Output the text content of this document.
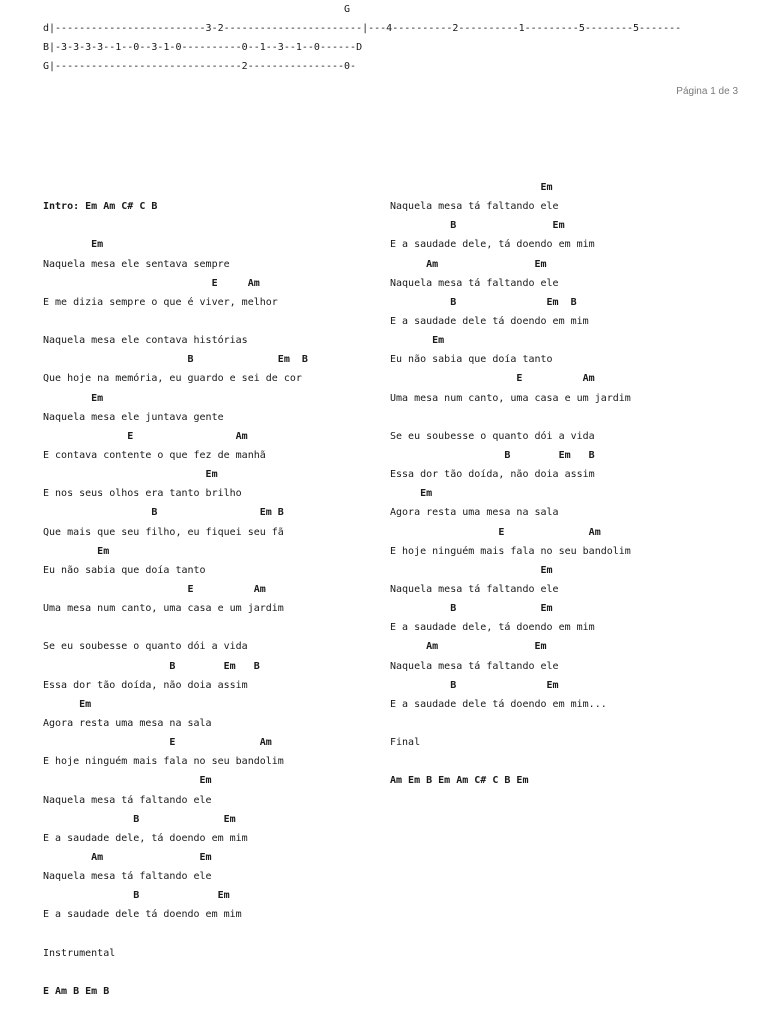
G
d|-------------------------3-2-----------------------|---4----------2----------1---------5--------5-------
B|-3-3-3-3--1--0--3-1-0----------0--1--3--1--0------D
G|-------------------------------2----------------0-
Página 1 de 3
Intro: Em Am C# C B
Em
Naquela mesa ele sentava sempre
E     Am
E me dizia sempre o que é viver, melhor
Naquela mesa ele contava histórias
B              Em  B
Que hoje na memória, eu guardo e sei de cor
Em
Naquela mesa ele juntava gente
E                 Am
E contava contente o que fez de manhã
Em
E nos seus olhos era tanto brilho
B                 Em B
Que mais que seu filho, eu fiquei seu fã
Em
Eu não sabia que doía tanto
E          Am
Uma mesa num canto, uma casa e um jardim
Se eu soubesse o quanto dói a vida
B        Em   B
Essa dor tão doída, não doia assim
Em
Agora resta uma mesa na sala
E              Am
E hoje ninguém mais fala no seu bandolim
Em
Naquela mesa tá faltando ele
B              Em
E a saudade dele, tá doendo em mim
Am                Em
Naquela mesa tá faltando ele
B             Em
E a saudade dele tá doendo em mim
Instrumental
E Am B Em B
Em
Naquela mesa tá faltando ele
B                Em
E a saudade dele, tá doendo em mim
Am                Em
Naquela mesa tá faltando ele
B               Em  B
E a saudade dele tá doendo em mim
Em
Eu não sabia que doía tanto
E          Am
Uma mesa num canto, uma casa e um jardim
Se eu soubesse o quanto dói a vida
B        Em   B
Essa dor tão doída, não doia assim
Em
Agora resta uma mesa na sala
E              Am
E hoje ninguém mais fala no seu bandolim
Em
Naquela mesa tá faltando ele
B              Em
E a saudade dele, tá doendo em mim
Am                Em
Naquela mesa tá faltando ele
B               Em
E a saudade dele tá doendo em mim...
Final
Am Em B Em Am C# C B Em
